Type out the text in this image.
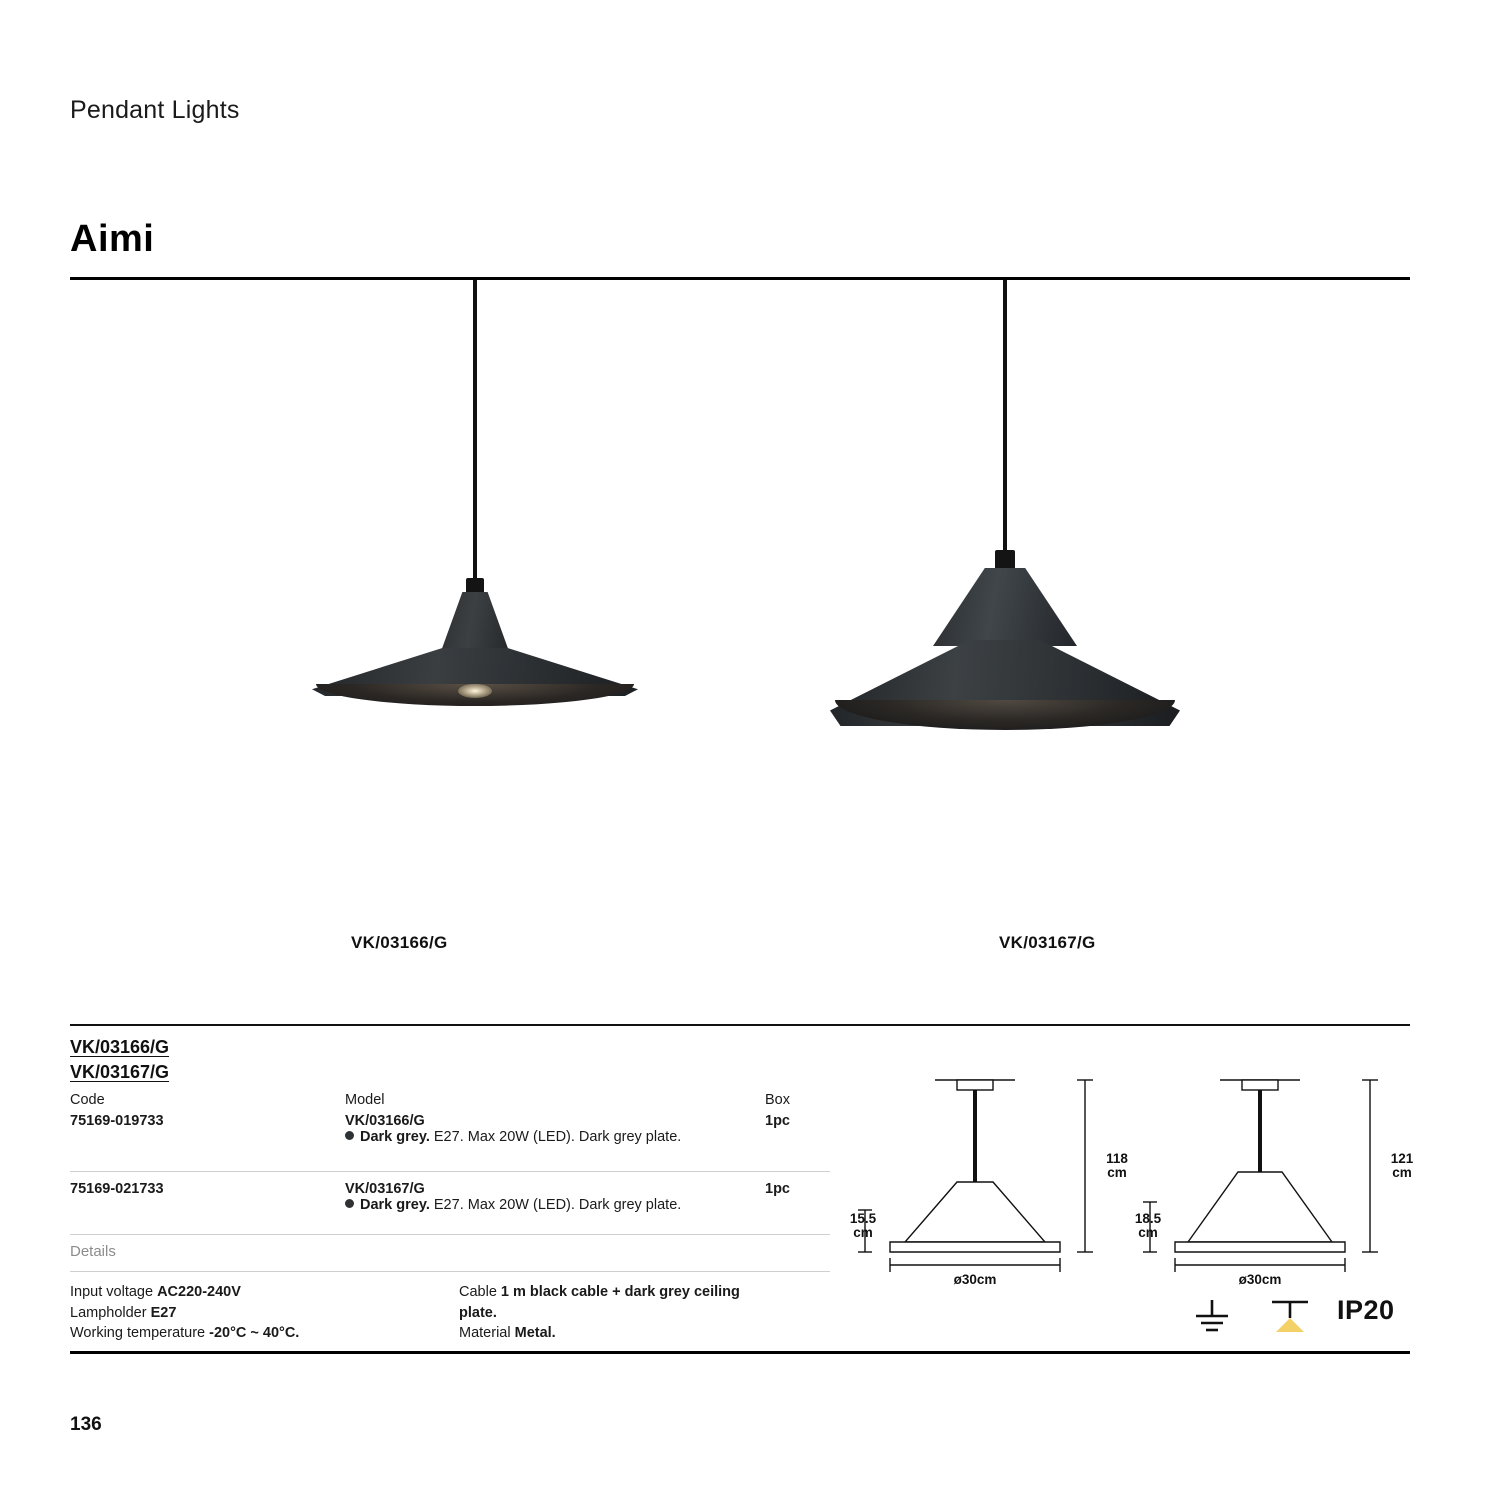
Pendant Lights
Aimi
VK/03166/G	VK/03167/G
VK/03166/G
VK/03167/G
Code	Model	Box
75169-019733	VK/03166/G	1pc
	Dark grey. E27. Max 20W (LED). Dark grey plate.	

75169-021733	VK/03167/G	1pc
	Dark grey. E27. Max 20W (LED). Dark grey plate.	
Details
Input voltage AC220-240V
Lampholder E27
Working temperature -20°C ~ 40°C.
Cable 1 m black cable + dark grey ceiling plate.
Material Metal.
118
cm
15.5
cm
ø30cm
121
cm
18.5
cm
ø30cm
IP20
136
